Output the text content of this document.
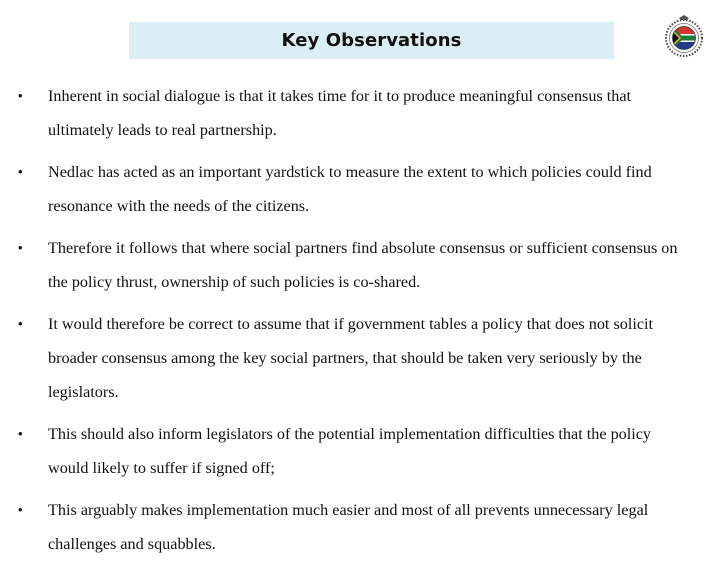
Key Observations
• Inherent in social dialogue is that it takes time for it to produce meaningful consensus that ultimately leads to real partnership.
• Nedlac has acted as an important yardstick to measure the extent to which policies could find resonance with the needs of the citizens.
• Therefore it follows that where social partners find absolute consensus or sufficient consensus on the policy thrust, ownership of such policies is co-shared.
• It would therefore be correct to assume that if government tables a policy that does not solicit broader consensus among the key social partners, that should be taken very seriously by the legislators.
• This should also inform legislators of the potential implementation difficulties that the policy would likely to suffer if signed off;
• This arguably makes implementation much easier and most of all prevents unnecessary legal challenges and squabbles.
